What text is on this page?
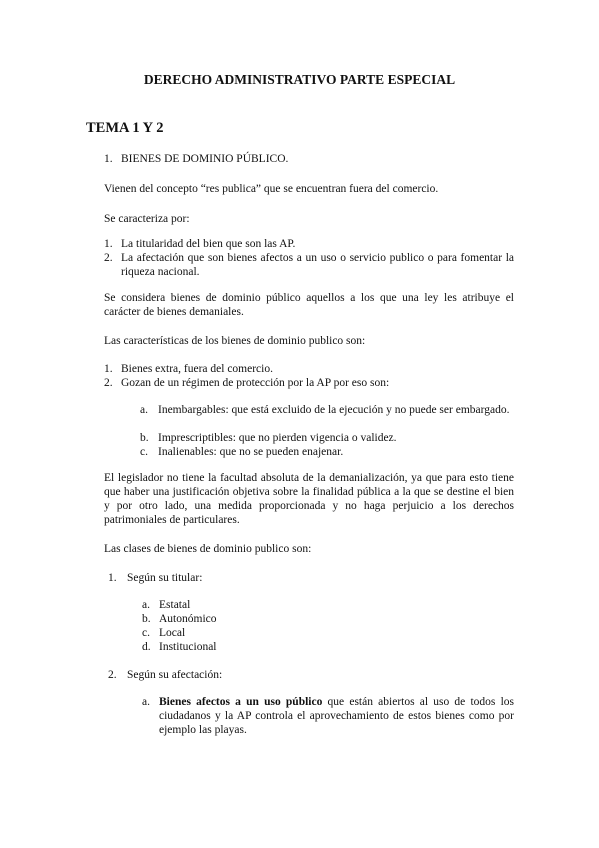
DERECHO ADMINISTRATIVO PARTE ESPECIAL
TEMA 1 Y 2
1. BIENES DE DOMINIO PÚBLICO.

Vienen del concepto “res publica” que se encuentran fuera del comercio.

Se caracteriza por:

1. La titularidad del bien que son las AP.
2. La afectación que son bienes afectos a un uso o servicio publico o para fomentar la riqueza nacional.

Se considera bienes de dominio público aquellos a los que una ley les atribuye el carácter de bienes demaniales.

Las características de los bienes de dominio publico son:

1. Bienes extra, fuera del comercio.
2. Gozan de un régimen de protección por la AP por eso son:
a. Inembargables: que está excluido de la ejecución y no puede ser embargado.
b. Imprescriptibles: que no pierden vigencia o validez.
c. Inalienables: que no se pueden enajenar.

El legislador no tiene la facultad absoluta de la demanialización, ya que para esto tiene que haber una justificación objetiva sobre la finalidad pública a la que se destine el bien y por otro lado, una medida proporcionada y no haga perjuicio a los derechos patrimoniales de particulares.

Las clases de bienes de dominio publico son:

1. Según su titular:
a. Estatal
b. Autonómico
c. Local
d. Institucional
2. Según su afectación:
a. Bienes afectos a un uso público que están abiertos al uso de todos los ciudadanos y la AP controla el aprovechamiento de estos bienes como por ejemplo las playas.
